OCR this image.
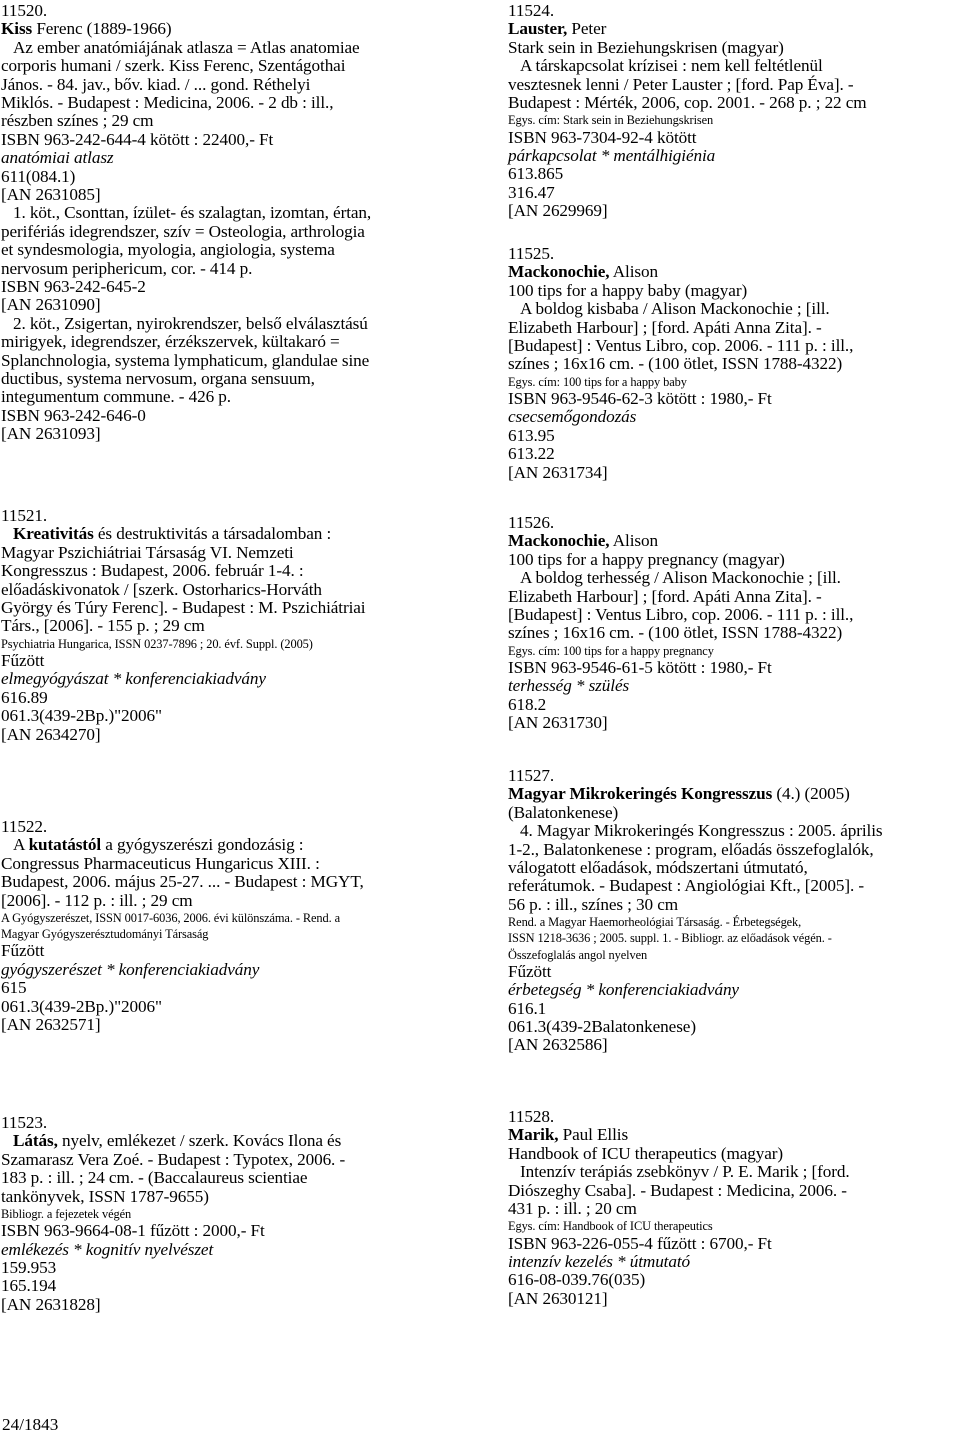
11520.
Kiss Ferenc (1889-1966)
Az ember anatómiájának atlasza = Atlas anatomiae
corporis humani / szerk. Kiss Ferenc, Szentágothai
János. - 84. jav., bőv. kiad. / ... gond. Réthelyi
Miklós. - Budapest : Medicina, 2006. - 2 db : ill.,
részben színes ; 29 cm
ISBN 963-242-644-4 kötött : 22400,- Ft
anatómiai atlasz
611(084.1)
[AN 2631085]
1. köt., Csonttan, ízület- és szalagtan, izomtan, értan,
perifériás idegrendszer, szív = Osteologia, arthrologia
et syndesmologia, myologia, angiologia, systema
nervosum periphericum, cor. - 414 p.
ISBN 963-242-645-2
[AN 2631090]
2. köt., Zsigertan, nyirokrendszer, belső elválasztású
mirigyek, idegrendszer, érzékszervek, kültakaró =
Splanchnologia, systema lymphaticum, glandulae sine
ductibus, systema nervosum, organa sensuum,
integumentum commune. - 426 p.
ISBN 963-242-646-0
[AN 2631093]
11521.
Kreativitás és destruktivitás a társadalomban :
Magyar Pszichiátriai Társaság VI. Nemzeti
Kongresszus : Budapest, 2006. február 1-4. :
előadáskivonatok / [szerk. Ostorharics-Horváth
György és Túry Ferenc]. - Budapest : M. Pszichiátriai
Társ., [2006]. - 155 p. ; 29 cm
Psychiatria Hungarica, ISSN 0237-7896 ; 20. évf. Suppl. (2005)
Fűzött
elmegyógyászat * konferenciakiadvány
616.89
061.3(439-2Bp.)"2006"
[AN 2634270]
11522.
A kutatástól a gyógyszerészi gondozásig :
Congressus Pharmaceuticus Hungaricus XIII. :
Budapest, 2006. május 25-27. ... - Budapest : MGYT,
[2006]. - 112 p. : ill. ; 29 cm
A Gyógyszerészet, ISSN 0017-6036, 2006. évi különszáma. - Rend. a
Magyar Gyógyszerésztudományi Társaság
Fűzött
gyógyszerészet * konferenciakiadvány
615
061.3(439-2Bp.)"2006"
[AN 2632571]
11523.
Látás, nyelv, emlékezet / szerk. Kovács Ilona és
Szamarasz Vera Zoé. - Budapest : Typotex, 2006. -
183 p. : ill. ; 24 cm. - (Baccalaureus scientiae
tankönyvek, ISSN 1787-9655)
Bibliogr. a fejezetek végén
ISBN 963-9664-08-1 fűzött : 2000,- Ft
emlékezés * kognitív nyelvészet
159.953
165.194
[AN 2631828]
11524.
Lauster, Peter
Stark sein in Beziehungskrisen (magyar)
A társkapcsolat krízisei : nem kell feltétlenül
vesztesnek lenni / Peter Lauster ; [ford. Pap Éva]. -
Budapest : Mérték, 2006, cop. 2001. - 268 p. ; 22 cm
Egys. cím: Stark sein in Beziehungskrisen
ISBN 963-7304-92-4 kötött
párkapcsolat * mentálhigiénia
613.865
316.47
[AN 2629969]
11525.
Mackonochie, Alison
100 tips for a happy baby (magyar)
A boldog kisbaba / Alison Mackonochie ; [ill.
Elizabeth Harbour] ; [ford. Apáti Anna Zita]. -
[Budapest] : Ventus Libro, cop. 2006. - 111 p. : ill.,
színes ; 16x16 cm. - (100 ötlet, ISSN 1788-4322)
Egys. cím: 100 tips for a happy baby
ISBN 963-9546-62-3 kötött : 1980,- Ft
csecsemőgondozás
613.95
613.22
[AN 2631734]
11526.
Mackonochie, Alison
100 tips for a happy pregnancy (magyar)
A boldog terhesség / Alison Mackonochie ; [ill.
Elizabeth Harbour] ; [ford. Apáti Anna Zita]. -
[Budapest] : Ventus Libro, cop. 2006. - 111 p. : ill.,
színes ; 16x16 cm. - (100 ötlet, ISSN 1788-4322)
Egys. cím: 100 tips for a happy pregnancy
ISBN 963-9546-61-5 kötött : 1980,- Ft
terhesség * szülés
618.2
[AN 2631730]
11527.
Magyar Mikrokeringés Kongresszus (4.) (2005)
(Balatonkenese)
4. Magyar Mikrokeringés Kongresszus : 2005. április
1-2., Balatonkenese : program, előadás összefoglalók,
válogatott előadások, módszertani útmutató,
referátumok. - Budapest : Angiológiai Kft., [2005]. -
56 p. : ill., színes ; 30 cm
Rend. a Magyar Haemorheológiai Társaság. - Érbetegségek,
ISSN 1218-3636 ; 2005. suppl. 1. - Bibliogr. az előadások végén. -
Összefoglalás angol nyelven
Fűzött
érbetegség * konferenciakiadvány
616.1
061.3(439-2Balatonkenese)
[AN 2632586]
11528.
Marik, Paul Ellis
Handbook of ICU therapeutics (magyar)
Intenzív terápiás zsebkönyv / P. E. Marik ; [ford.
Diószeghy Csaba]. - Budapest : Medicina, 2006. -
431 p. : ill. ; 20 cm
Egys. cím: Handbook of ICU therapeutics
ISBN 963-226-055-4 fűzött : 6700,- Ft
intenzív kezelés * útmutató
616-08-039.76(035)
[AN 2630121]
24/1843
